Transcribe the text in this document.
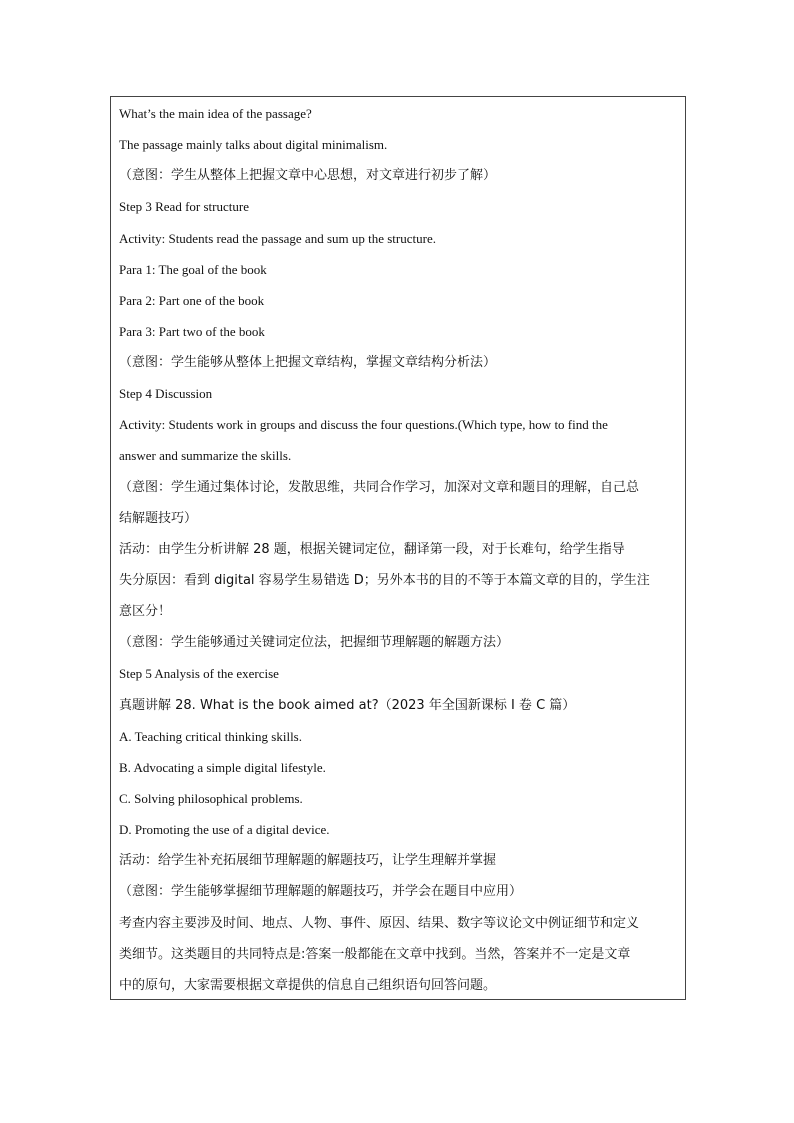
What’s the main idea of the passage?
The passage mainly talks about digital minimalism.
（意图：学生从整体上把握文章中心思想，对文章进行初步了解）
Step 3 Read for structure
Activity: Students read the passage and sum up the structure.
Para 1: The goal of the book
Para 2: Part one of the book
Para 3: Part two of the book
（意图：学生能够从整体上把握文章结构，掌握文章结构分析法）
Step 4 Discussion
Activity: Students work in groups and discuss the four questions.(Which type, how to find the
answer and summarize the skills.
（意图：学生通过集体讨论，发散思维，共同合作学习，加深对文章和题目的理解，自己总
结解题技巧）
活动：由学生分析讲解 28 题，根据关键词定位，翻译第一段，对于长难句，给学生指导
失分原因：看到 digital 容易学生易错选 D；另外本书的目的不等于本篇文章的目的，学生注
意区分！
（意图：学生能够通过关键词定位法，把握细节理解题的解题方法）
Step 5 Analysis of the exercise
真题讲解 28. What is the book aimed at?（2023 年全国新课标 I 卷 C 篇）
A. Teaching critical thinking skills.
B. Advocating a simple digital lifestyle.
C. Solving philosophical problems.
D. Promoting the use of a digital device.
活动：给学生补充拓展细节理解题的解题技巧，让学生理解并掌握
（意图：学生能够掌握细节理解题的解题技巧，并学会在题目中应用）
考查内容主要涉及时间、地点、人物、事件、原因、结果、数字等议论文中例证细节和定义
类细节。这类题目的共同特点是:答案一般都能在文章中找到。当然，答案并不一定是文章
中的原句，大家需要根据文章提供的信息自己组织语句回答问题。
